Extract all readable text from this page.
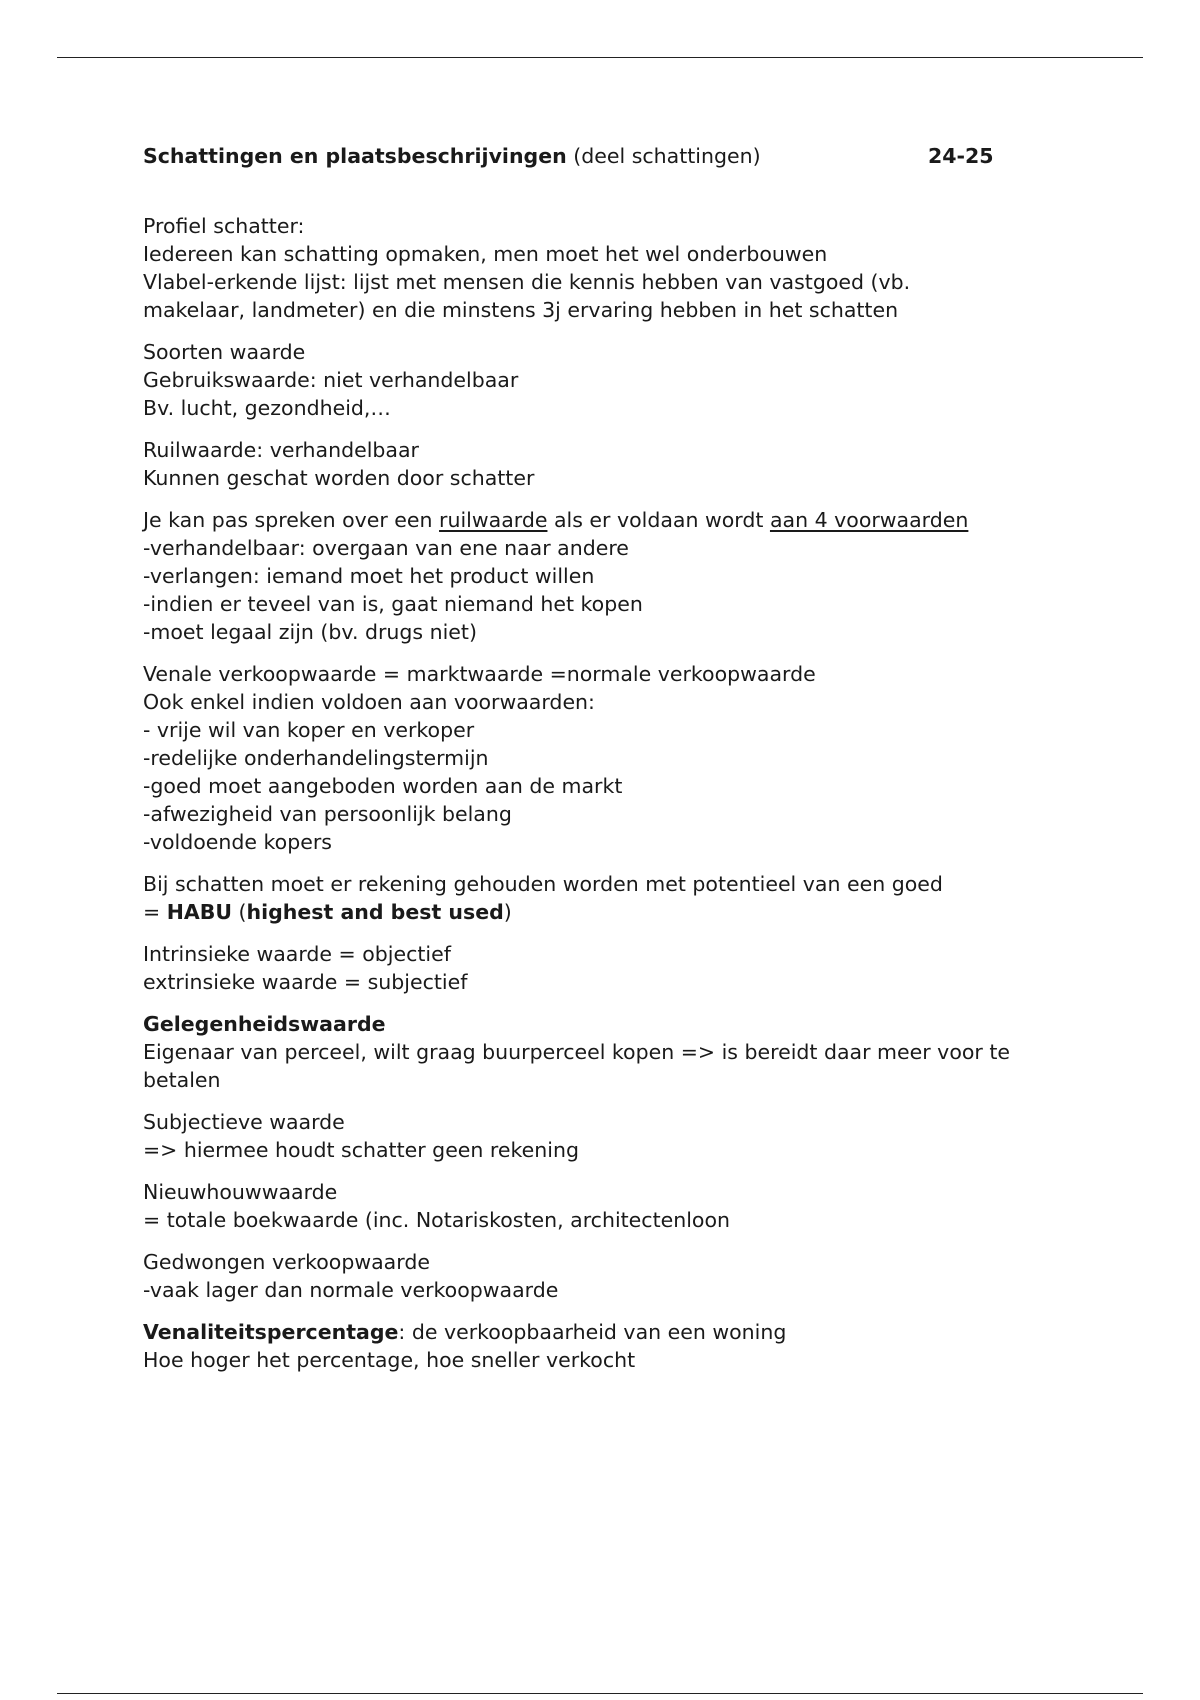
Schattingen en plaatsbeschrijvingen (deel schattingen)	24-25
Profiel schatter:
Iedereen kan schatting opmaken, men moet het wel onderbouwen
Vlabel-erkende lijst: lijst met mensen die kennis hebben van vastgoed (vb.
makelaar, landmeter) en die minstens 3j ervaring hebben in het schatten
Soorten waarde
Gebruikswaarde: niet verhandelbaar
Bv. lucht, gezondheid,…
Ruilwaarde: verhandelbaar
Kunnen geschat worden door schatter
Je kan pas spreken over een ruilwaarde als er voldaan wordt aan 4 voorwaarden
-verhandelbaar: overgaan van ene naar andere
-verlangen: iemand moet het product willen
-indien er teveel van is, gaat niemand het kopen
-moet legaal zijn (bv. drugs niet)
Venale verkoopwaarde = marktwaarde =normale verkoopwaarde
Ook enkel indien voldoen aan voorwaarden:
- vrije wil van koper en verkoper
-redelijke onderhandelingstermijn
-goed moet aangeboden worden aan de markt
-afwezigheid van persoonlijk belang
-voldoende kopers
Bij schatten moet er rekening gehouden worden met potentieel van een goed
= HABU (highest and best used)
Intrinsieke waarde = objectief
extrinsieke waarde = subjectief
Gelegenheidswaarde
Eigenaar van perceel, wilt graag buurperceel kopen => is bereidt daar meer voor te betalen
Subjectieve waarde
=> hiermee houdt schatter geen rekening
Nieuwhouwwaarde
= totale boekwaarde (inc. Notariskosten, architectenloon
Gedwongen verkoopwaarde
-vaak lager dan normale verkoopwaarde
Venaliteitspercentage: de verkoopbaarheid van een woning
Hoe hoger het percentage, hoe sneller verkocht
